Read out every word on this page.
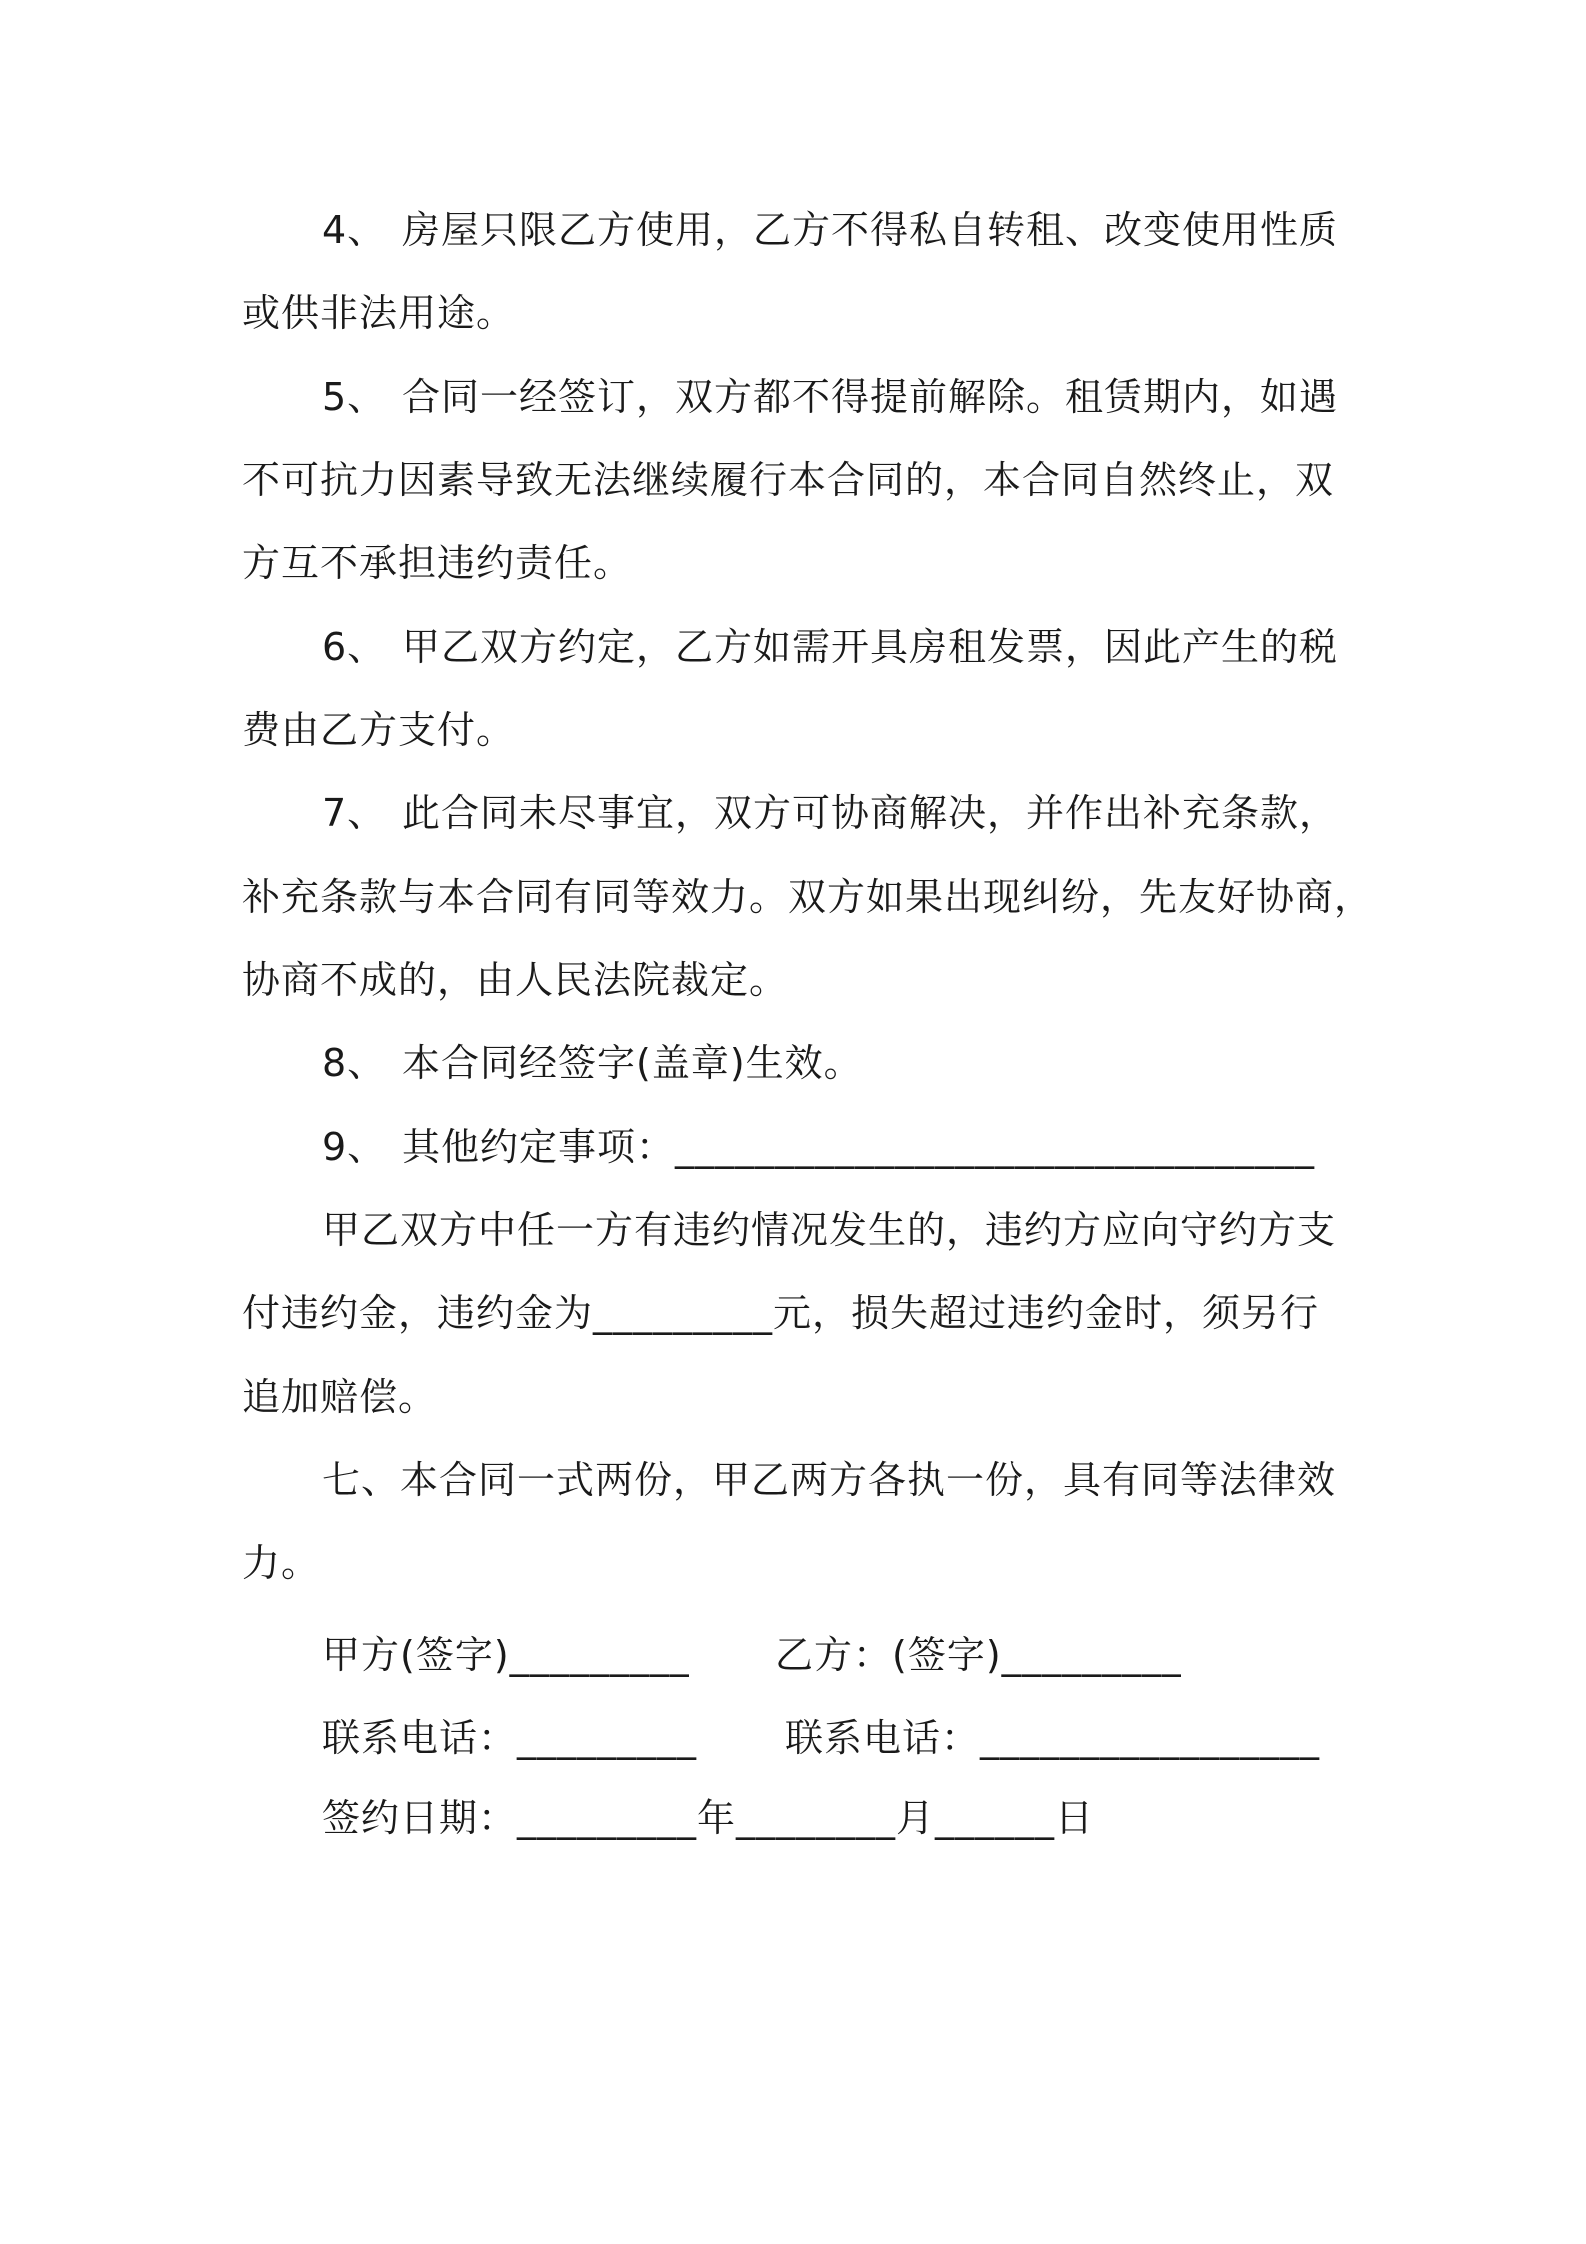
4、 房屋只限乙方使用，乙方不得私自转租、改变使用性质
或供非法用途。
5、 合同一经签订，双方都不得提前解除。租赁期内，如遇
不可抗力因素导致无法继续履行本合同的，本合同自然终止，双
方互不承担违约责任。
6、 甲乙双方约定，乙方如需开具房租发票，因此产生的税
费由乙方支付。
7、 此合同未尽事宜，双方可协商解决，并作出补充条款，
补充条款与本合同有同等效力。双方如果出现纠纷，先友好协商，
协商不成的，由人民法院裁定。
8、 本合同经签字(盖章)生效。
9、 其他约定事项：________________________________
甲乙双方中任一方有违约情况发生的，违约方应向守约方支
付违约金，违约金为_________元，损失超过违约金时，须另行
追加赔偿。
七、本合同一式两份，甲乙两方各执一份，具有同等法律效
力。
甲方(签字)_________ 乙方：(签字)_________
联系电话：_________ 联系电话：_________________
签约日期：_________年________月______日
